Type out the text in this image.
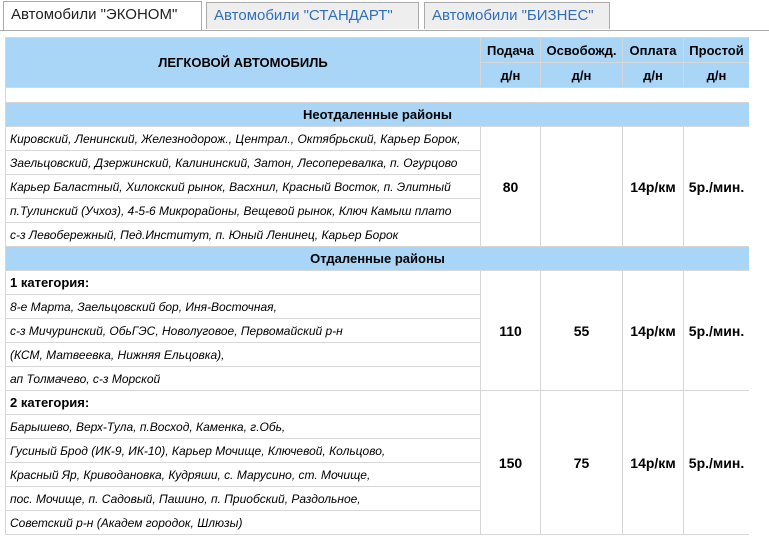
Автомобили "ЭКОНОМ"	Автомобили "СТАНДАРТ"	Автомобили "БИЗНЕС"
ЛЕГКОВОЙ АВТОМОБИЛЬ	Подача	Освобожд.	Оплата	Простой
	д/н	д/н	д/н	д/н

Неотдаленные районы				
Кировский, Ленинский, Железнодорож., Централ., Октябрьский, Карьер Борок,	80		14р/км	5р./мин.
Заельцовский, Дзержинский, Калининский, Затон, Лесоперевалка, п. Огурцово				
Карьер Баластный, Хилокский рынок, Васхнил, Красный Восток, п. Элитный				
п.Тулинский (Учхоз), 4-5-6 Микрорайоны, Вещевой рынок, Ключ Камыш плато				
с-з Левобережный, Пед.Институт, п. Юный Ленинец, Карьер Борок				
Отдаленные районы				
1 категория:	110	55	14р/км	5р./мин.
8-е Марта, Заельцовский бор, Иня-Восточная,				
с-з Мичуринский, ОбьГЭС, Новолуговое, Первомайский р-н				
(КСМ, Матвеевка, Нижняя Ельцовка),				
ап Толмачево, с-з Морской				
2 категория:	150	75	14р/км	5р./мин.
Барышево, Верх-Тула, п.Восход, Каменка, г.Обь,				
Гусиный Брод (ИК-9, ИК-10), Карьер Мочище, Ключевой, Кольцово,				
Красный Яр, Криводановка, Кудряши, с. Марусино, ст. Мочище,				
пос. Мочище, п. Садовый, Пашино, п. Приобский, Раздольное,				
Советский р-н (Академ городок, Шлюзы)				
